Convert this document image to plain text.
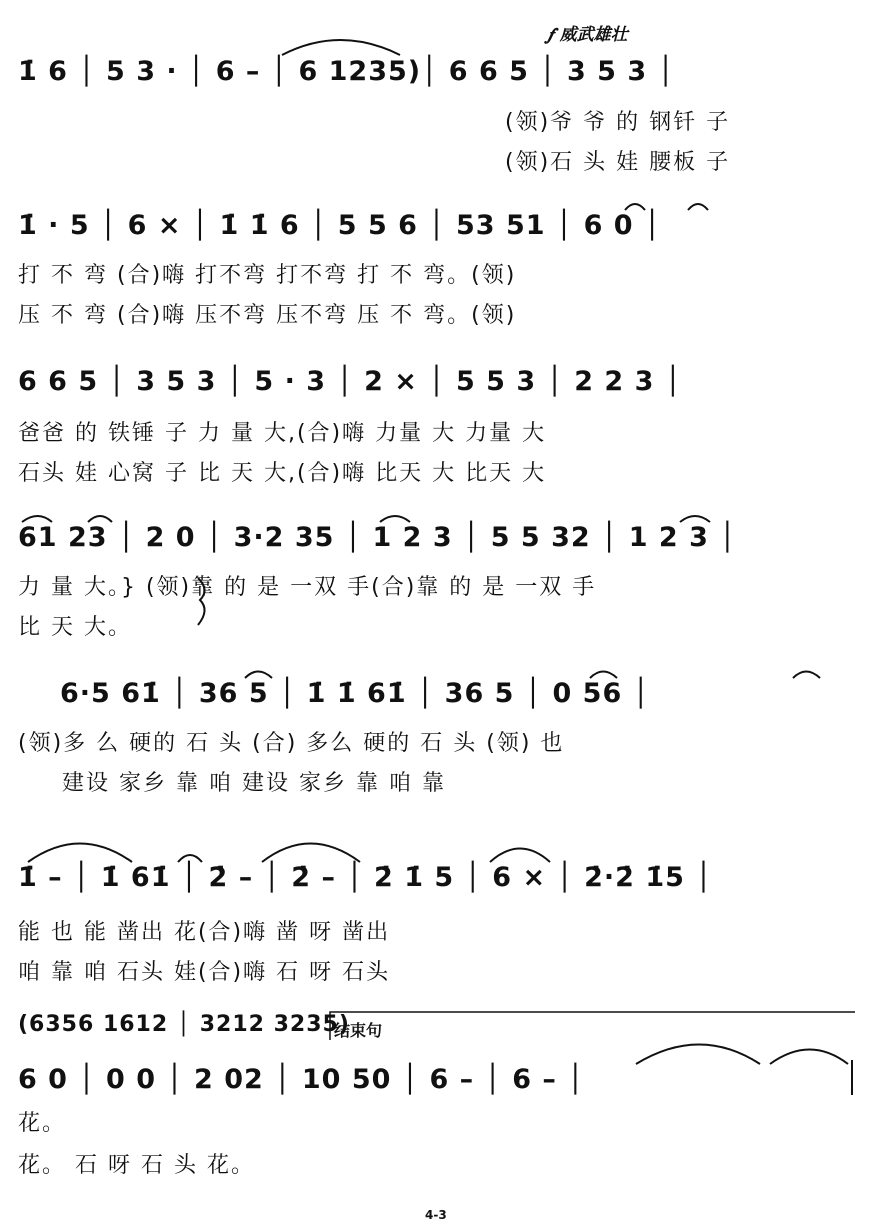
𝆑 威武雄壮
1̇ 6 │ 5 3 · │ 6 – │ 6 1235)│ 6 6 5 │ 3 5 3 │
(领)爷 爷 的 钢钎 子
(领)石 头 娃 腰板 子
1̇ · 5 │ 6 × │ 1̇ 1̇ 6 │ 5 5 6 │ 53 51 │ 6 0 │
打 不 弯 (合)嗨 打不弯 打不弯 打 不 弯。(领)
压 不 弯 (合)嗨 压不弯 压不弯 压 不 弯。(领)
6 6 5 │ 3 5 3 │ 5 · 3 │ 2 × │ 5 5 3 │ 2 2 3 │
爸爸 的 铁锤 子 力 量 大,(合)嗨 力量 大 力量 大
石头 娃 心窝 子 比 天 大,(合)嗨 比天 大 比天 大
61 23 │ 2 0 │ 3·2 35 │ 1 2 3 │ 5 5 32 │ 1 2 3 │
力 量 大。} (领)靠 的 是 一双 手(合)靠 的 是 一双 手
比 天 大。
6·5 61̇ │ 36 5 │ 1̇ 1̇ 61̇ │ 36 5 │ 0 56 │
(领)多 么 硬的 石 头 (合) 多么 硬的 石 头 (领) 也
建设 家乡 靠 咱 建设 家乡 靠 咱 靠
1̇ – │ 1̇ 61̇ │ 2̇ – │ 2̇ – │ 2̇ 1̇ 5 │ 6 × │ 2̇·2̇ 1̇5 │
能 也 能 凿出 花(合)嗨 凿 呀 凿出
咱 靠 咱 石头 娃(合)嗨 石 呀 石头
(6356 1612 │ 3212 3235)
结束句
6 0 │ 0 0 │ 2 02 │ 10 50 │ 6 – │ 6 – │
花。
花。 石 呀 石 头 花。
4-3
